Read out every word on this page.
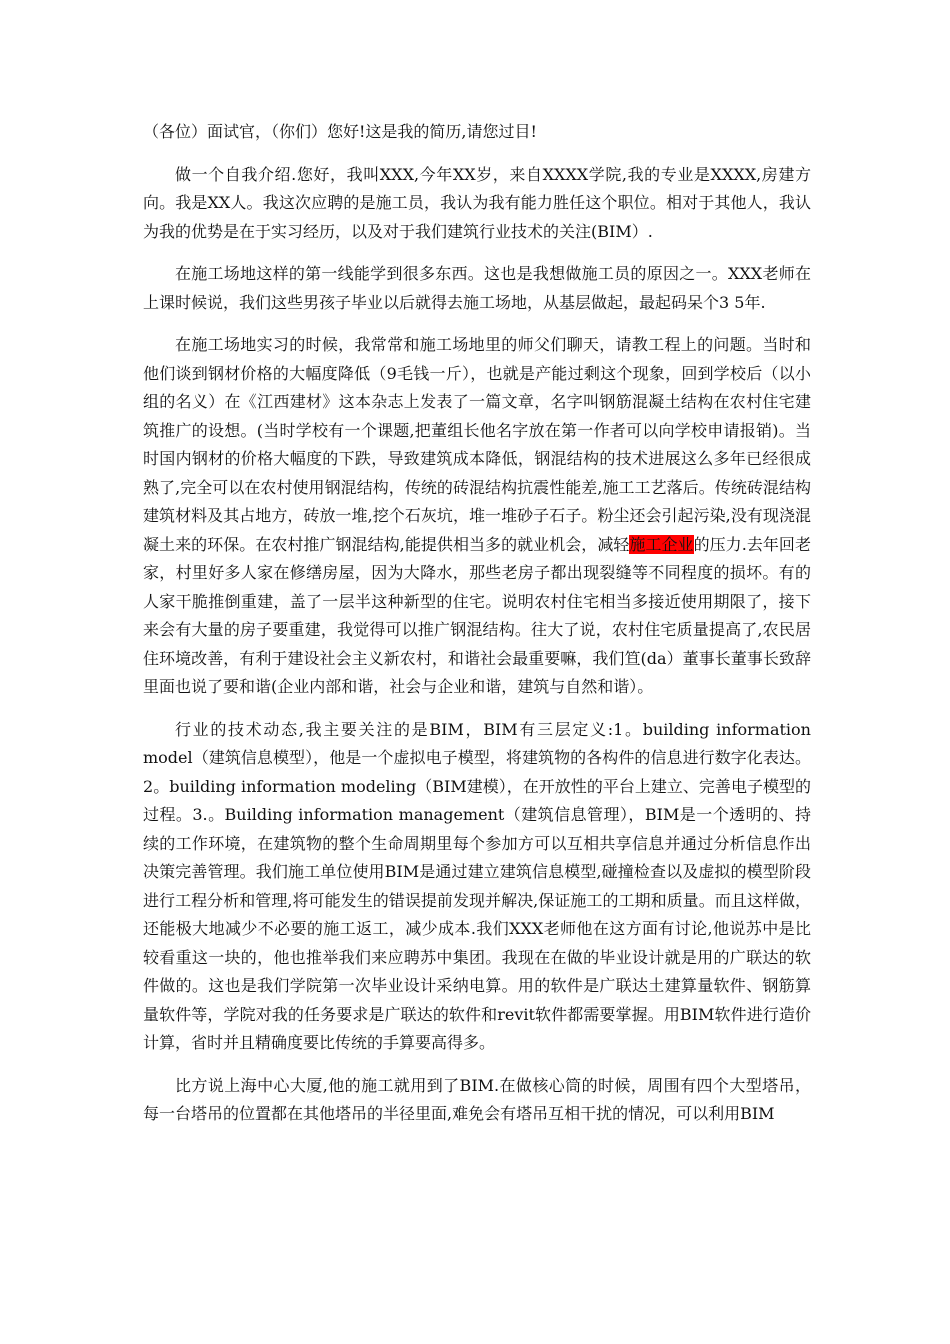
（各位）面试官，（你们）您好!这是我的简历,请您过目!

做一个自我介绍.您好，我叫XXX,今年XX岁，来自XXXX学院,我的专业是XXXX,房建方向。我是XX人。我这次应聘的是施工员，我认为我有能力胜任这个职位。相对于其他人，我认为我的优势是在于实习经历，以及对于我们建筑行业技术的关注(BIM）.

在施工场地这样的第一线能学到很多东西。这也是我想做施工员的原因之一。XXX老师在上课时候说，我们这些男孩子毕业以后就得去施工场地，从基层做起，最起码呆个3 5年.

在施工场地实习的时候，我常常和施工场地里的师父们聊天，请教工程上的问题。当时和他们谈到钢材价格的大幅度降低（9毛钱一斤），也就是产能过剩这个现象，回到学校后（以小组的名义）在《江西建材》这本杂志上发表了一篇文章，名字叫钢筋混凝土结构在农村住宅建筑推广的设想。(当时学校有一个课题,把董组长他名字放在第一作者可以向学校申请报销)。当时国内钢材的价格大幅度的下跌，导致建筑成本降低，钢混结构的技术进展这么多年已经很成熟了,完全可以在农村使用钢混结构，传统的砖混结构抗震性能差,施工工艺落后。传统砖混结构建筑材料及其占地方，砖放一堆,挖个石灰坑，堆一堆砂子石子。粉尘还会引起污染,没有现浇混凝土来的环保。在农村推广钢混结构,能提供相当多的就业机会，减轻施工企业的压力.去年回老家，村里好多人家在修缮房屋，因为大降水，那些老房子都出现裂缝等不同程度的损坏。有的人家干脆推倒重建，盖了一层半这种新型的住宅。说明农村住宅相当多接近使用期限了，接下来会有大量的房子要重建，我觉得可以推广钢混结构。往大了说，农村住宅质量提高了,农民居住环境改善，有利于建设社会主义新农村，和谐社会最重要嘛，我们笪(da）董事长董事长致辞里面也说了要和谐(企业内部和谐，社会与企业和谐，建筑与自然和谐）。

行业的技术动态,我主要关注的是BIM，BIM有三层定义:1。building information model（建筑信息模型），他是一个虚拟电子模型，将建筑物的各构件的信息进行数字化表达。2。building information modeling（BIM建模），在开放性的平台上建立、完善电子模型的过程。3.。Building information management（建筑信息管理），BIM是一个透明的、持续的工作环境，在建筑物的整个生命周期里每个参加方可以互相共享信息并通过分析信息作出决策完善管理。我们施工单位使用BIM是通过建立建筑信息模型,碰撞检查以及虚拟的模型阶段进行工程分析和管理,将可能发生的错误提前发现并解决,保证施工的工期和质量。而且这样做，还能极大地减少不必要的施工返工，减少成本.我们XXX老师他在这方面有讨论,他说苏中是比较看重这一块的，他也推举我们来应聘苏中集团。我现在在做的毕业设计就是用的广联达的软件做的。这也是我们学院第一次毕业设计采纳电算。用的软件是广联达土建算量软件、钢筋算量软件等，学院对我的任务要求是广联达的软件和revit软件都需要掌握。用BIM软件进行造价计算，省时并且精确度要比传统的手算要高得多。

比方说上海中心大厦,他的施工就用到了BIM.在做核心筒的时候，周围有四个大型塔吊，每一台塔吊的位置都在其他塔吊的半径里面,难免会有塔吊互相干扰的情况，可以利用BIM
